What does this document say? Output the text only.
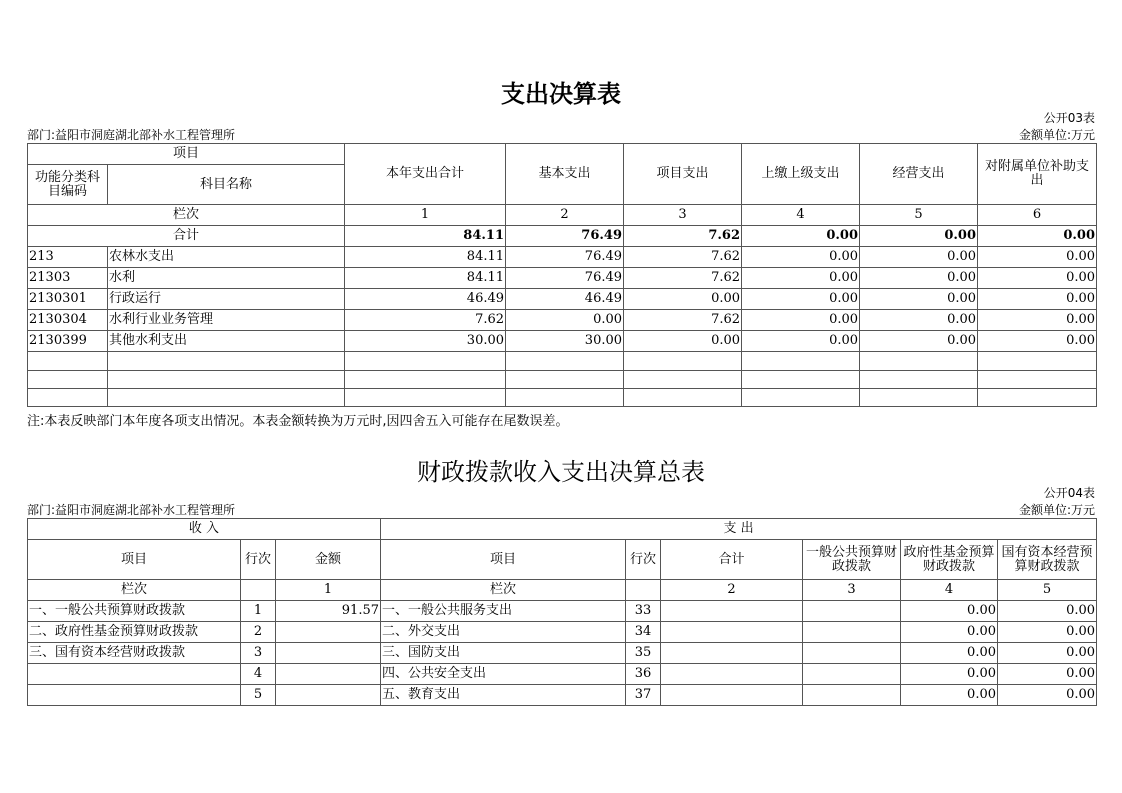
支出决算表
公开03表
部门:益阳市洞庭湖北部补水工程管理所	金额单位:万元
项目		本年支出合计	基本支出	项目支出	上缴上级支出	经营支出	对附属单位补助支出
功能分类科目编码	科目名称						
栏次		1	2	3	4	5	6
合计		84.11	76.49	7.62	0.00	0.00	0.00
213	农林水支出	84.11	76.49	7.62	0.00	0.00	0.00
21303	水利	84.11	76.49	7.62	0.00	0.00	0.00
2130301	行政运行	46.49	46.49	0.00	0.00	0.00	0.00
2130304	水利行业业务管理	7.62	0.00	7.62	0.00	0.00	0.00
2130399	其他水利支出	30.00	30.00	0.00	0.00	0.00	0.00

注:本表反映部门本年度各项支出情况。本表金额转换为万元时,因四舍五入可能存在尾数误差。
财政拨款收入支出决算总表
公开04表
部门:益阳市洞庭湖北部补水工程管理所	金额单位:万元
收 入			支 出					
项目	行次	金额	项目	行次	合计	一般公共预算财政拨款	政府性基金预算财政拨款	国有资本经营预算财政拨款
栏次		1	栏次		2	3	4	5
一、一般公共预算财政拨款	1	91.57	一、一般公共服务支出	33			0.00	0.00
二、政府性基金预算财政拨款	2		二、外交支出	34			0.00	0.00
三、国有资本经营财政拨款	3		三、国防支出	35			0.00	0.00
	4		四、公共安全支出	36			0.00	0.00
	5		五、教育支出	37			0.00	0.00
